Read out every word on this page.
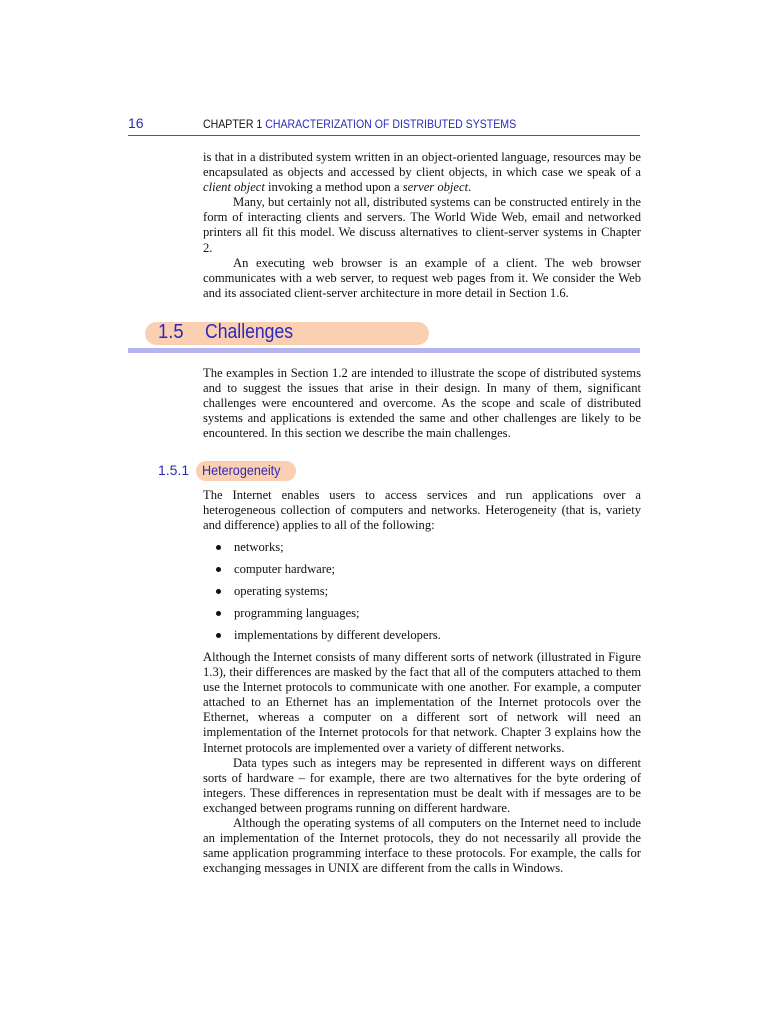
16	CHAPTER 1 CHARACTERIZATION OF DISTRIBUTED SYSTEMS

is that in a distributed system written in an object-oriented language, resources may be encapsulated as objects and accessed by client objects, in which case we speak of a client object invoking a method upon a server object.

Many, but certainly not all, distributed systems can be constructed entirely in the form of interacting clients and servers. The World Wide Web, email and networked printers all fit this model. We discuss alternatives to client-server systems in Chapter 2.

An executing web browser is an example of a client. The web browser communicates with a web server, to request web pages from it. We consider the Web and its associated client-server architecture in more detail in Section 1.6.

1.5 Challenges

The examples in Section 1.2 are intended to illustrate the scope of distributed systems and to suggest the issues that arise in their design. In many of them, significant challenges were encountered and overcome. As the scope and scale of distributed systems and applications is extended the same and other challenges are likely to be encountered. In this section we describe the main challenges.

1.5.1 Heterogeneity

The Internet enables users to access services and run applications over a heterogeneous collection of computers and networks. Heterogeneity (that is, variety and difference) applies to all of the following:

networks;
computer hardware;
operating systems;
programming languages;
implementations by different developers.

Although the Internet consists of many different sorts of network (illustrated in Figure 1.3), their differences are masked by the fact that all of the computers attached to them use the Internet protocols to communicate with one another. For example, a computer attached to an Ethernet has an implementation of the Internet protocols over the Ethernet, whereas a computer on a different sort of network will need an implementation of the Internet protocols for that network. Chapter 3 explains how the Internet protocols are implemented over a variety of different networks.

Data types such as integers may be represented in different ways on different sorts of hardware – for example, there are two alternatives for the byte ordering of integers. These differences in representation must be dealt with if messages are to be exchanged between programs running on different hardware.

Although the operating systems of all computers on the Internet need to include an implementation of the Internet protocols, they do not necessarily all provide the same application programming interface to these protocols. For example, the calls for exchanging messages in UNIX are different from the calls in Windows.
